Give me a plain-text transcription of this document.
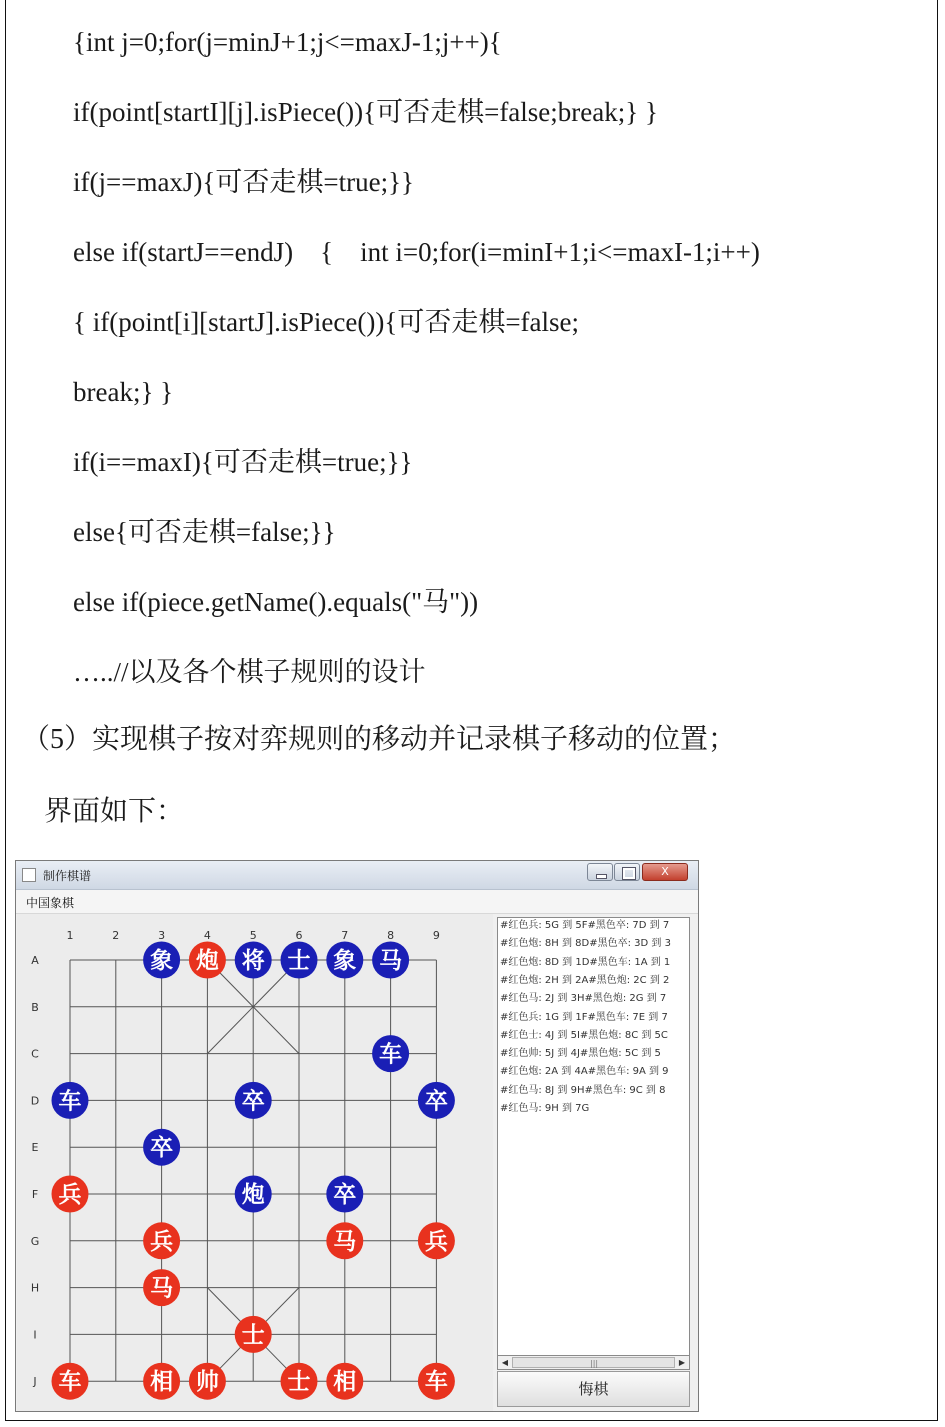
{int j=0;for(j=minJ+1;j<=maxJ-1;j++){
if(point[startI][j].isPiece()){可否走棋=false;break;} }
if(j==maxJ){可否走棋=true;}}
else if(startJ==endJ)    {    int i=0;for(i=minI+1;i<=maxI-1;i++)
{ if(point[i][startJ].isPiece()){可否走棋=false;
break;} }
if(i==maxI){可否走棋=true;}}
else{可否走棋=false;}}
else if(piece.getName().equals("马"))
…..//以及各个棋子规则的设计
（5）实现棋子按对弈规则的移动并记录棋子移动的位置；
界面如下：
制作棋谱	X
中国象棋
1	2	3	4	5	6	7	8	9
A
B
C
D
E
F
G
H
I
J
象 炮 将 士 象 马
车
车	卒	卒
卒
兵	炮	卒
兵	马	兵
马
士
车	相 帅	士 相	车
#红色兵: 5G 到 5F#黑色卒: 7D 到 7
#红色炮: 8H 到 8D#黑色卒: 3D 到 3
#红色炮: 8D 到 1D#黑色车: 1A 到 1
#红色炮: 2H 到 2A#黑色炮: 2C 到 2
#红色马: 2J 到 3H#黑色炮: 2G 到 7
#红色兵: 1G 到 1F#黑色车: 7E 到 7
#红色士: 4J 到 5I#黑色炮: 8C 到 5C
#红色帅: 5J 到 4J#黑色炮: 5C 到 5
#红色炮: 2A 到 4A#黑色车: 9A 到 9
#红色马: 8J 到 9H#黑色车: 9C 到 8
#红色马: 9H 到 7G
◀	|||	▶
悔棋
